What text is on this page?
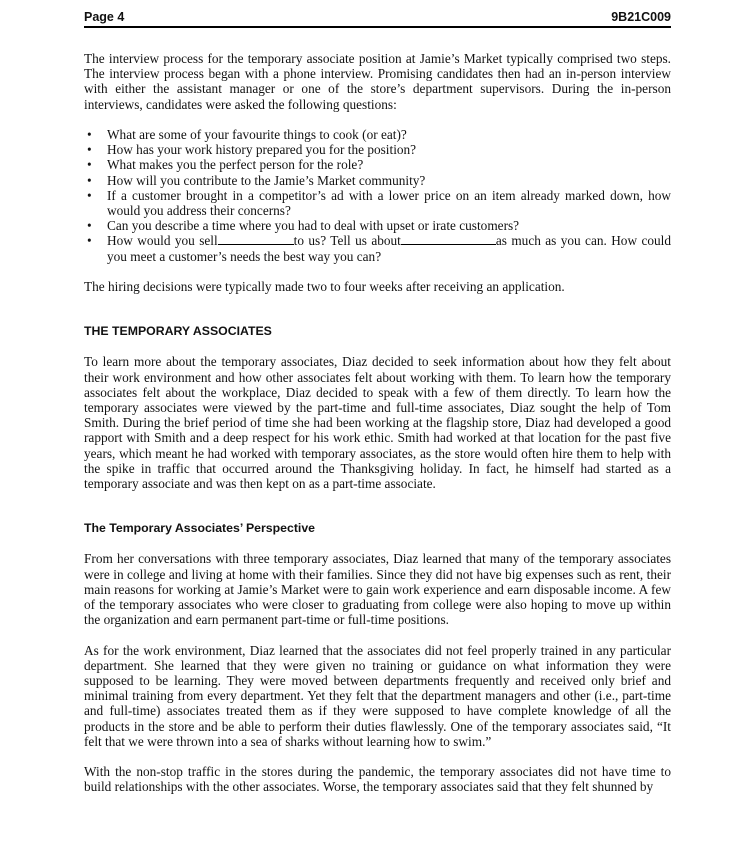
Page 4	9B21C009

The interview process for the temporary associate position at Jamie’s Market typically comprised two steps. The interview process began with a phone interview. Promising candidates then had an in-person interview with either the assistant manager or one of the store’s department supervisors. During the in-person interviews, candidates were asked the following questions:

• What are some of your favourite things to cook (or eat)?
• How has your work history prepared you for the position?
• What makes you the perfect person for the role?
• How will you contribute to the Jamie’s Market community?
• If a customer brought in a competitor’s ad with a lower price on an item already marked down, how would you address their concerns?
• Can you describe a time where you had to deal with upset or irate customers?
• How would you sell	to us? Tell us about	as much as you can. How could you meet a customer’s needs the best way you can?

The hiring decisions were typically made two to four weeks after receiving an application.

THE TEMPORARY ASSOCIATES

To learn more about the temporary associates, Diaz decided to seek information about how they felt about their work environment and how other associates felt about working with them. To learn how the temporary associates felt about the workplace, Diaz decided to speak with a few of them directly. To learn how the temporary associates were viewed by the part-time and full-time associates, Diaz sought the help of Tom Smith. During the brief period of time she had been working at the flagship store, Diaz had developed a good rapport with Smith and a deep respect for his work ethic. Smith had worked at that location for the past five years, which meant he had worked with temporary associates, as the store would often hire them to help with the spike in traffic that occurred around the Thanksgiving holiday. In fact, he himself had started as a temporary associate and was then kept on as a part-time associate.

The Temporary Associates’ Perspective

From her conversations with three temporary associates, Diaz learned that many of the temporary associates were in college and living at home with their families. Since they did not have big expenses such as rent, their main reasons for working at Jamie’s Market were to gain work experience and earn disposable income. A few of the temporary associates who were closer to graduating from college were also hoping to move up within the organization and earn permanent part-time or full-time positions.

As for the work environment, Diaz learned that the associates did not feel properly trained in any particular department. She learned that they were given no training or guidance on what information they were supposed to be learning. They were moved between departments frequently and received only brief and minimal training from every department. Yet they felt that the department managers and other (i.e., part-time and full-time) associates treated them as if they were supposed to have complete knowledge of all the products in the store and be able to perform their duties flawlessly. One of the temporary associates said, “It felt that we were thrown into a sea of sharks without learning how to swim.”

With the non-stop traffic in the stores during the pandemic, the temporary associates did not have time to build relationships with the other associates. Worse, the temporary associates said that they felt shunned by
